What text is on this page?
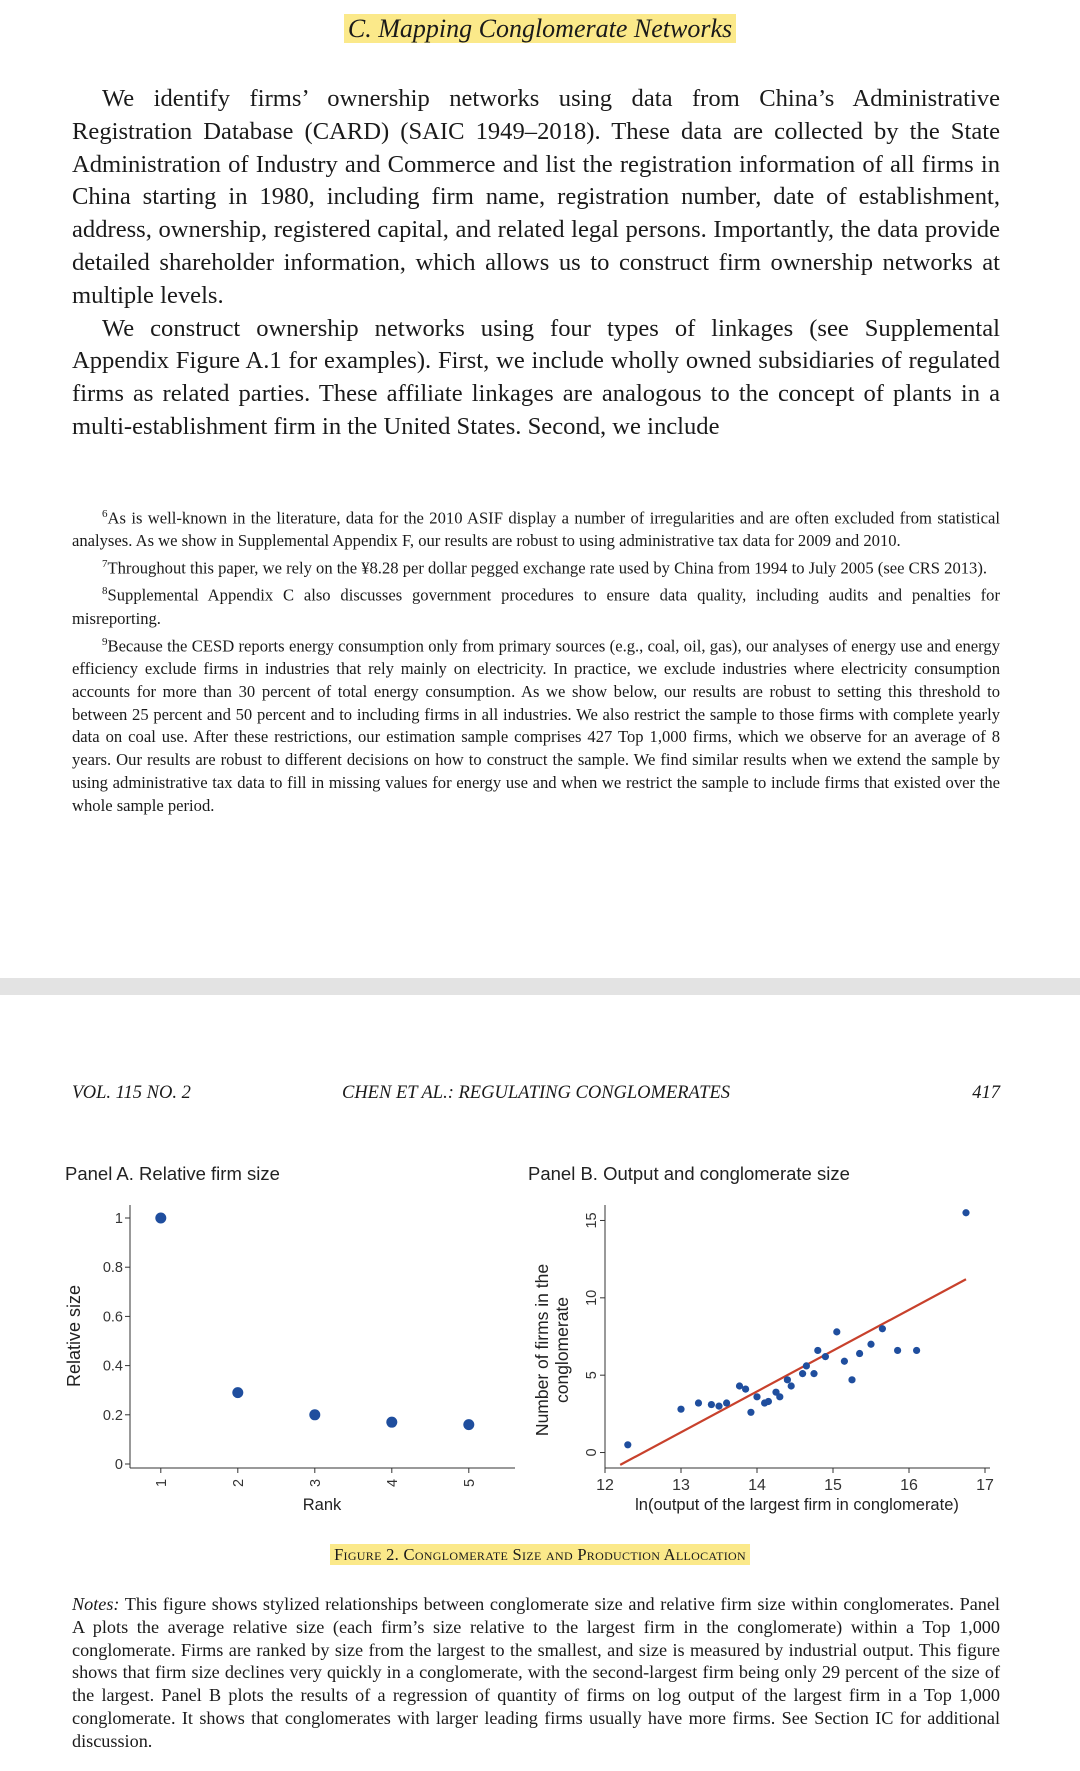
C. Mapping Conglomerate Networks

We identify firms’ ownership networks using data from China’s Administrative Registration Database (CARD) (SAIC 1949–2018). These data are collected by the State Administration of Industry and Commerce and list the registration information of all firms in China starting in 1980, including firm name, registration number, date of establishment, address, ownership, registered capital, and related legal persons. Importantly, the data provide detailed shareholder information, which allows us to construct firm ownership networks at multiple levels.

We construct ownership networks using four types of linkages (see Supplemental Appendix Figure A.1 for examples). First, we include wholly owned subsidiaries of regulated firms as related parties. These affiliate linkages are analogous to the concept of plants in a multi-establishment firm in the United States. Second, we include

$^6$As is well-known in the literature, data for the 2010 ASIF display a number of irregularities and are often excluded from statistical analyses. As we show in Supplemental Appendix F, our results are robust to using administrative tax data for 2009 and 2010.

$^7$Throughout this paper, we rely on the ¥8.28 per dollar pegged exchange rate used by China from 1994 to July 2005 (see CRS 2013).

$^8$Supplemental Appendix C also discusses government procedures to ensure data quality, including audits and penalties for misreporting.

$^9$Because the CESD reports energy consumption only from primary sources (e.g., coal, oil, gas), our analyses of energy use and energy efficiency exclude firms in industries that rely mainly on electricity. In practice, we exclude industries where electricity consumption accounts for more than 30 percent of total energy consumption. As we show below, our results are robust to setting this threshold to between 25 percent and 50 percent and to including firms in all industries. We also restrict the sample to those firms with complete yearly data on coal use. After these restrictions, our estimation sample comprises 427 Top 1,000 firms, which we observe for an average of 8 years. Our results are robust to different decisions on how to construct the sample. We find similar results when we extend the sample by using administrative tax data to fill in missing values for energy use and when we restrict the sample to include firms that existed over the whole sample period.

VOL. 115 NO. 2	CHEN ET AL.: REGULATING CONGLOMERATES	417
Panel A. Relative firm size
0
0.2
0.4
0.6
0.8
1
1	2	3	4	5
Rank
Relative size
Panel B. Output and conglomerate size
0
5
10
15
12	13	14	15	16	17
ln(output of the largest firm in conglomerate)
Number of firms in the conglomerate
Figure 2. Conglomerate Size and Production Allocation

Notes: This figure shows stylized relationships between conglomerate size and relative firm size within conglomerates. Panel A plots the average relative size (each firm’s size relative to the largest firm in the conglomerate) within a Top 1,000 conglomerate. Firms are ranked by size from the largest to the smallest, and size is measured by industrial output. This figure shows that firm size declines very quickly in a conglomerate, with the second-largest firm being only 29 percent of the size of the largest. Panel B plots the results of a regression of quantity of firms on log output of the largest firm in a Top 1,000 conglomerate. It shows that conglomerates with larger leading firms usually have more firms. See Section IC for additional discussion.
